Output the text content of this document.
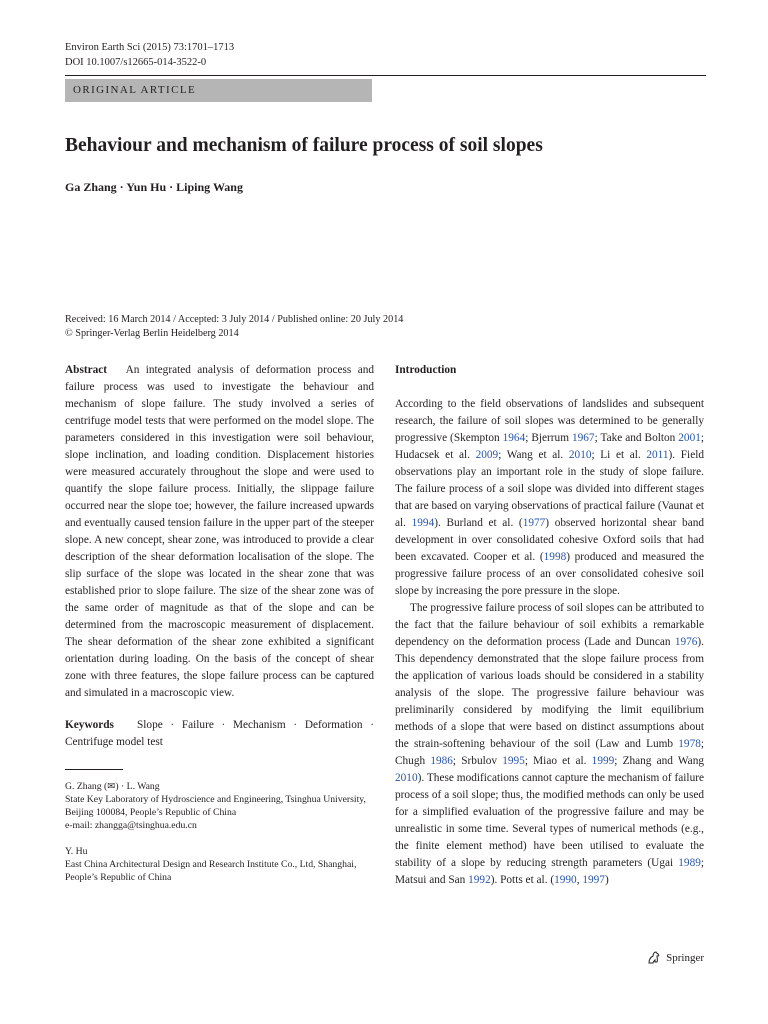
Environ Earth Sci (2015) 73:1701–1713
DOI 10.1007/s12665-014-3522-0
ORIGINAL ARTICLE
Behaviour and mechanism of failure process of soil slopes
Ga Zhang · Yun Hu · Liping Wang
Received: 16 March 2014 / Accepted: 3 July 2014 / Published online: 20 July 2014
© Springer-Verlag Berlin Heidelberg 2014

Abstract An integrated analysis of deformation process and failure process was used to investigate the behaviour and mechanism of slope failure. The study involved a series of centrifuge model tests that were performed on the model slope. The parameters considered in this investigation were soil behaviour, slope inclination, and loading condition. Displacement histories were measured accurately throughout the slope and were used to quantify the slope failure process. Initially, the slippage failure occurred near the slope toe; however, the failure increased upwards and eventually caused tension failure in the upper part of the steeper slope. A new concept, shear zone, was introduced to provide a clear description of the shear deformation localisation of the slope. The slip surface of the slope was located in the shear zone that was established prior to slope failure. The size of the shear zone was of the same order of magnitude as that of the slope and can be determined from the macroscopic measurement of displacement. The shear deformation of the shear zone exhibited a significant orientation during loading. On the basis of the concept of shear zone with three features, the slope failure process can be captured and simulated in a macroscopic view.

Keywords Slope · Failure · Mechanism · Deformation · Centrifuge model test

G. Zhang (✉) · L. Wang
State Key Laboratory of Hydroscience and Engineering, Tsinghua University, Beijing 100084, People’s Republic of China
e-mail: zhangga@tsinghua.edu.cn
Y. Hu
East China Architectural Design and Research Institute Co., Ltd, Shanghai, People’s Republic of China
Introduction

According to the field observations of landslides and subsequent research, the failure of soil slopes was determined to be generally progressive (Skempton 1964; Bjerrum 1967; Take and Bolton 2001; Hudacsek et al. 2009; Wang et al. 2010; Li et al. 2011). Field observations play an important role in the study of slope failure. The failure process of a soil slope was divided into different stages that are based on varying observations of practical failure (Vaunat et al. 1994). Burland et al. (1977) observed horizontal shear band development in over consolidated cohesive Oxford soils that had been excavated. Cooper et al. (1998) produced and measured the progressive failure process of an over consolidated cohesive soil slope by increasing the pore pressure in the slope.

The progressive failure process of soil slopes can be attributed to the fact that the failure behaviour of soil exhibits a remarkable dependency on the deformation process (Lade and Duncan 1976). This dependency demonstrated that the slope failure process from the application of various loads should be considered in a stability analysis of the slope. The progressive failure behaviour was preliminarily considered by modifying the limit equilibrium methods of a slope that were based on distinct assumptions about the strain-softening behaviour of the soil (Law and Lumb 1978; Chugh 1986; Srbulov 1995; Miao et al. 1999; Zhang and Wang 2010). These modifications cannot capture the mechanism of failure process of a soil slope; thus, the modified methods can only be used for a simplified evaluation of the progressive failure and may be unrealistic in some time. Several types of numerical methods (e.g., the finite element method) have been utilised to evaluate the stability of a slope by reducing strength parameters (Ugai 1989; Matsui and San 1992). Potts et al. (1990, 1997)

Springer
